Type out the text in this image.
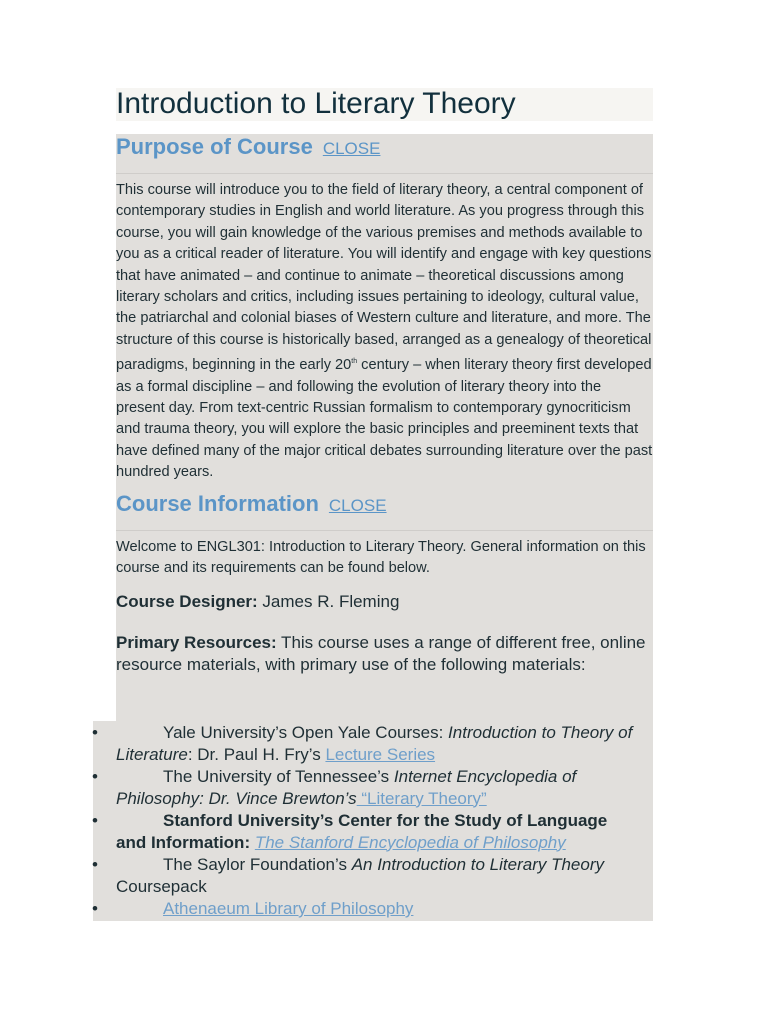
Introduction to Literary Theory
Purpose of Course CLOSE

This course will introduce you to the field of literary theory, a central component of contemporary studies in English and world literature. As you progress through this course, you will gain knowledge of the various premises and methods available to you as a critical reader of literature. You will identify and engage with key questions that have animated – and continue to animate – theoretical discussions among literary scholars and critics, including issues pertaining to ideology, cultural value, the patriarchal and colonial biases of Western culture and literature, and more. The structure of this course is historically based, arranged as a genealogy of theoretical paradigms, beginning in the early 20th century – when literary theory first developed as a formal discipline – and following the evolution of literary theory into the present day. From text-centric Russian formalism to contemporary gynocriticism and trauma theory, you will explore the basic principles and preeminent texts that have defined many of the major critical debates surrounding literature over the past hundred years.

Course Information CLOSE

Welcome to ENGL301: Introduction to Literary Theory. General information on this course and its requirements can be found below.

Course Designer: James R. Fleming

Primary Resources: This course uses a range of different free, online resource materials, with primary use of the following materials:

•	Yale University’s Open Yale Courses: Introduction to Theory of Literature: Dr. Paul H. Fry’s Lecture Series
•	The University of Tennessee’s Internet Encyclopedia of Philosophy: Dr. Vince Brewton’s “Literary Theory”
•	Stanford University’s Center for the Study of Language and Information: The Stanford Encyclopedia of Philosophy
•	The Saylor Foundation’s An Introduction to Literary Theory Coursepack
•	Athenaeum Library of Philosophy
